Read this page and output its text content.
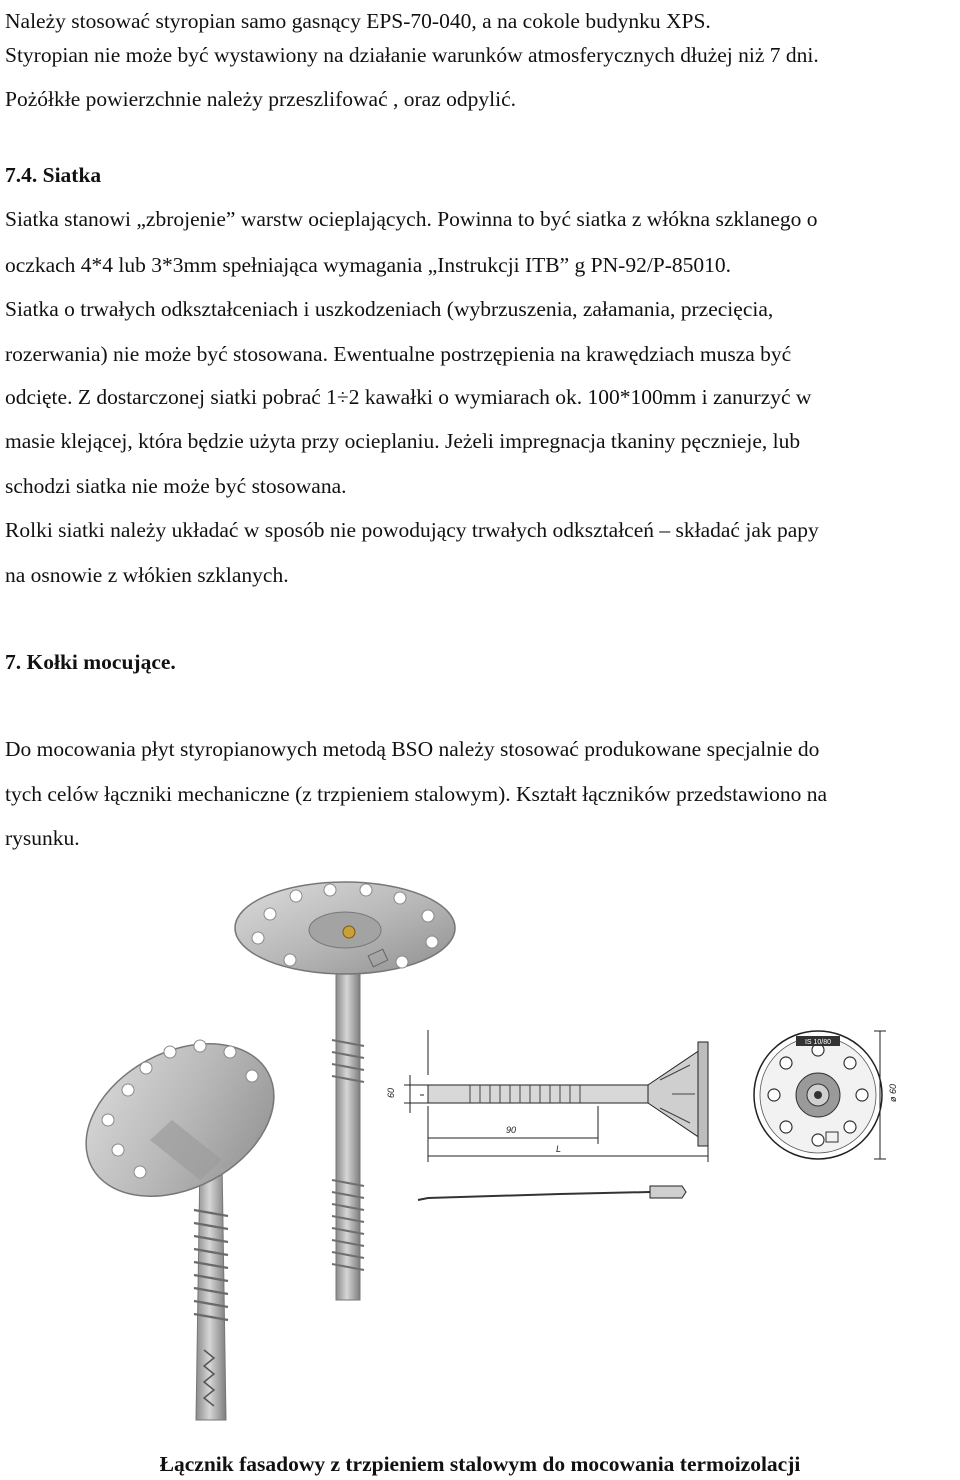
Należy stosować styropian samo gasnący EPS-70-040, a na cokole budynku XPS.

Styropian nie może być wystawiony na działanie warunków atmosferycznych dłużej niż 7 dni.

Pożółkłe powierzchnie należy przeszlifować , oraz odpylić.

7.4. Siatka

Siatka stanowi „zbrojenie” warstw ocieplających. Powinna to być siatka z włókna szklanego o

oczkach 4*4 lub 3*3mm spełniająca wymagania „Instrukcji ITB” g PN-92/P-85010.

Siatka o trwałych odkształceniach i uszkodzeniach (wybrzuszenia, załamania, przecięcia,

rozerwania) nie może być stosowana. Ewentualne postrzępienia na krawędziach musza być

odcięte. Z dostarczonej siatki pobrać 1÷2 kawałki o wymiarach ok. 100*100mm i zanurzyć w

masie klejącej, która będzie użyta przy ocieplaniu. Jeżeli impregnacja tkaniny pęcznieje, lub

schodzi siatka nie może być stosowana.

Rolki siatki należy układać w sposób nie powodujący trwałych odkształceń – składać jak papy

na osnowie z włókien szklanych.

7. Kołki mocujące.

Do mocowania płyt styropianowych metodą BSO należy stosować produkowane specjalnie do

tych celów łączniki mechaniczne (z trzpieniem stalowym). Kształt łączników przedstawiono na

rysunku.

60
90
L
IS 10/80
ø 60

Łącznik fasadowy z trzpieniem stalowym do mocowania termoizolacji
